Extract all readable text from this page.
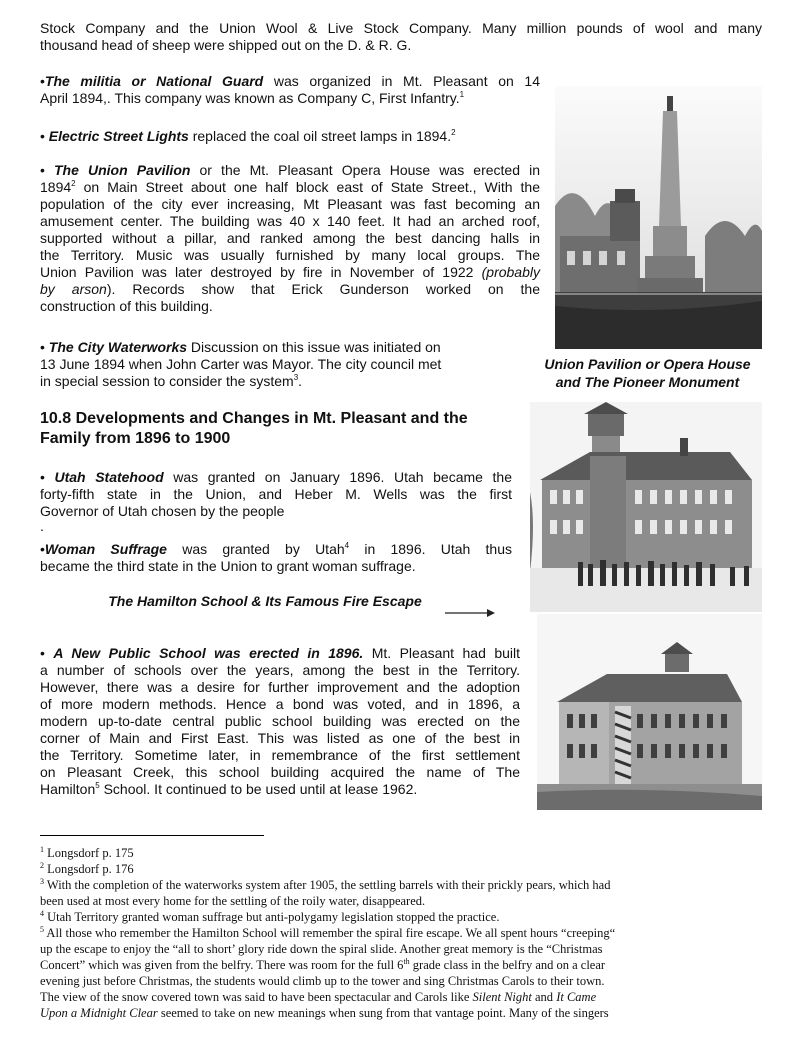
Stock Company and the Union Wool & Live Stock Company. Many million pounds of wool and many
thousand head of sheep were shipped out on the D. & R. G.
•The militia or National Guard was organized in Mt. Pleasant on 14
April 1894,. This company was known as Company C, First Infantry.$^1$
• Electric Street Lights replaced the coal oil street lamps in 1894.$^2$
• The Union Pavilion or the Mt. Pleasant Opera House was erected in
1894$^2$ on Main Street about one half block east of State Street., With the
population of the city ever increasing, Mt Pleasant was fast becoming an
amusement center. The building was 40 x 140 feet. It had an arched roof,
supported without a pillar, and ranked among the best dancing halls in
the Territory. Music was usually furnished by many local groups. The
Union Pavilion was later destroyed by fire in November of 1922 (probably
by arson). Records show that Erick Gunderson worked on the
construction of this building.
• The City Waterworks Discussion on this issue was initiated on
13 June 1894 when John Carter was Mayor. The city council met
in special session to consider the system$^3$.
Union Pavilion or Opera House
and The Pioneer Monument
10.8 Developments and Changes in Mt. Pleasant and the
Family from 1896 to 1900
• Utah Statehood was granted on January 1896. Utah became the
forty-fifth state in the Union, and Heber M. Wells was the first
Governor of Utah chosen by the people
.
•Woman Suffrage was granted by Utah$^4$ in 1896. Utah thus
became the third state in the Union to grant woman suffrage.
The Hamilton School & Its Famous Fire Escape
• A New Public School was erected in 1896. Mt. Pleasant had built
a number of schools over the years, among the best in the Territory.
However, there was a desire for further improvement and the adoption
of more modern methods. Hence a bond was voted, and in 1896, a
modern up-to-date central public school building was erected on the
corner of Main and First East. This was listed as one of the best in
the Territory. Sometime later, in remembrance of the first settlement
on Pleasant Creek, this school building acquired the name of The
Hamilton$^5$ School. It continued to be used until at lease 1962.
$^1$ Longsdorf p. 175
$^2$ Longsdorf p. 176
$^3$ With the completion of the waterworks system after 1905, the settling barrels with their prickly pears, which had
been used at most every home for the settling of the roily water, disappeared.
$^4$ Utah Territory granted woman suffrage but anti-polygamy legislation stopped the practice.
$^5$ All those who remember the Hamilton School will remember the spiral fire escape. We all spent hours “creeping“
up the escape to enjoy the “all to short’ glory ride down the spiral slide. Another great memory is the “Christmas
Concert” which was given from the belfry. There was room for the full 6th grade class in the belfry and on a clear
evening just before Christmas, the students would climb up to the tower and sing Christmas Carols to their town.
The view of the snow covered town was said to have been spectacular and Carols like Silent Night and It Came
Upon a Midnight Clear seemed to take on new meanings when sung from that vantage point. Many of the singers
